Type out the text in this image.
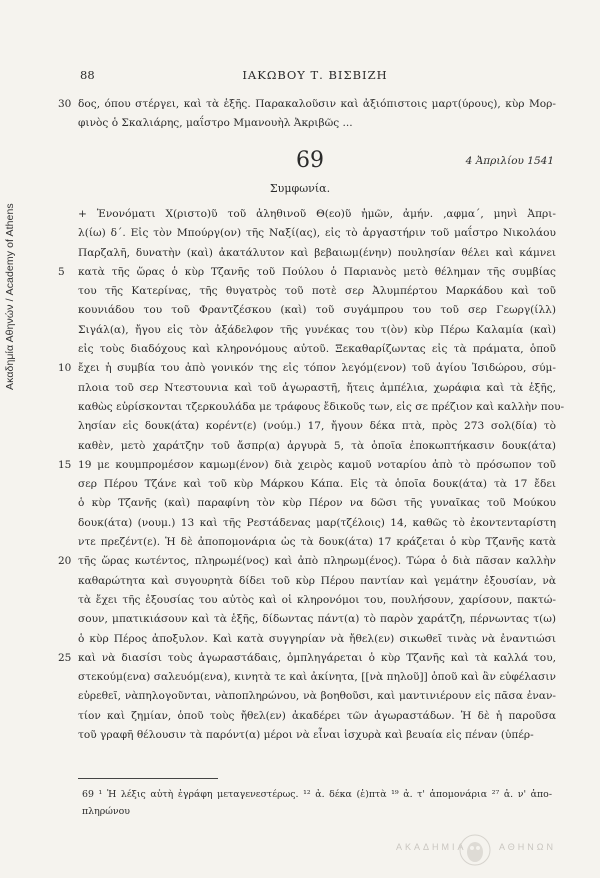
Ακαδημία Αθηνών / Academy of Athens
88	ΙΑΚΩΒΟΥ Τ. ΒΙΣΒΙΖΗ
30 δος, όπου στέργει, καὶ τὰ ἑξῆς. Παρακαλοῦσιν καὶ ἀξιόπιστοις μαρτ(ύρους), κὺρ Μορ-
φινὸς ὁ Σκαλιάρης, μαΐστρο Μμανουὴλ Ἀκριβῶς ...
69	4 Ἀπριλίου 1541
Συμφωνία.
+ Ἐνονόματι Χ(ριστο)ῦ τοῦ ἀληθινοῦ Θ(εο)ῦ ἡμῶν, ἀμήν. ‚αφμα΄, μηνὶ Ἀπρι-
λ(ίω) δ΄. Εἰς τὸν Μπούργ(ον) τῆς Ναξί(ας), εἰς τὸ ἀργαστήριν τοῦ μαΐστρο Νικολάου
Παρζαλῆ, δυνατὴν (καὶ) ἀκατάλυτον καὶ βεβαιωμ(ένην) πουλησίαν θέλει καὶ κάμνει
5 κατὰ τῆς ὥρας ὁ κὺρ Τζανῆς τοῦ Πούλου ὁ Παριανὸς μετὸ θέλημαν τῆς συμβίας
του τῆς Κατερίνας, τῆς θυγατρὸς τοῦ ποτὲ σερ Ἀλυμπέρτου Μαρκάδου καὶ τοῦ
κουνιάδου του τοῦ Φραντζέσκου (καὶ) τοῦ συγάμπρου του τοῦ σερ Γεωργ(ίλλ)
Σιγάλ(α), ἤγου εἰς τὸν ἀξάδελφον τῆς γυνέκας του τ(ὸν) κὺρ Πέρω Καλαμία (καὶ)
εἰς τοὺς διαδόχους καὶ κληρονόμους αὐτοῦ. Ξεκαθαρίζωντας εἰς τὰ πράματα, ὁποῦ
10 ἔχει ἡ συμβία του ἀπὸ γονικόν της εἰς τόπον λεγόμ(ενον) τοῦ ἁγίου Ἰσιδώρου, σύμ-
πλοια τοῦ σερ Ντεστουνια καὶ τοῦ ἀγωραστῆ, ἤτεις ἀμπέλια, χωράφια καὶ τὰ ἑξῆς,
καθὼς εὑρίσκονται τζερκουλάδα με τράφους ἔδικοῦς των, εἰς σε πρέζιον καὶ καλλὴν που-
λησίαν εἰς δουκ(άτα) κορέντ(ε) (νούμ.) 17, ἤγουν δέκα πτὰ, πρὸς 273 σολ(δία) τὸ
καθὲν, μετὸ χαράτζην τοῦ ἄσπρ(α) ἀργυρὰ 5, τὰ ὁποῖα ἐποκωπτήκασιν δουκ(άτα)
15 19 με κουμπρομέσον καμωμ(ένον) διὰ χειρὸς καμοῦ νοταρίου ἀπὸ τὸ πρόσωπον τοῦ
σερ Πέρου Τζάνε καὶ τοῦ κὺρ Μάρκου Κάπα. Εἰς τὰ ὁποῖα δουκ(άτα) τὰ 17 ἔδει
ὁ κὺρ Τζανῆς (καὶ) παραφίνη τὸν κὺρ Πέρον να δῶσι τῆς γυναῖκας τοῦ Μούκου
δουκ(άτα) (νουμ.) 13 καὶ τῆς Ρεστάδενας μαρ(τζέλοις) 14, καθῶς τὸ ἐκοντενταρίστη
ντε πρεζέντ(ε). Ἡ δὲ ἀποπομονάρια ὡς τὰ δουκ(άτα) 17 κράζεται ὁ κὺρ Τζανῆς κατὰ
20 τῆς ὥρας κωτέντος, πληρωμέ(νος) καὶ ἀπὸ πληρωμ(ένος). Τώρα ὁ διὰ πᾶσαν καλλὴν
καθαρώτητα καὶ συγουρητὰ δίδει τοῦ κὺρ Πέρου παντίαν καὶ γεμάτην ἐξουσίαν, νὰ
τὰ ἔχει τῆς ἐξουσίας του αὐτὸς καὶ οἱ κληρονόμοι του, πουλήσουν, χαρίσουν, πακτώ-
σουν, μπατικιάσουν καὶ τὰ ἑξῆς, δίδωντας πάντ(α) τὸ παρὸν χαράτζη, πέρνωντας τ(ω)
ὁ κὺρ Πέρος ἀποξυλον. Καὶ κατὰ συγγηρίαν νὰ ἤθελ(εν) σικωθεῖ τινὰς νὰ ἐναντιώσι
25 καὶ νὰ διασίσι τοὺς ἀγωραστάδαις, ὁμπληγάρεται ὁ κὺρ Τζανῆς καὶ τὰ καλλά του,
στεκούμ(ενα) σαλευόμ(ενα), κινητὰ τε καὶ ἀκίνητα, [[νὰ πηλοῦ]] ὁποῦ καὶ ἂν εὑφέλασιν
εὑρεθεῖ, νὰπηλογοῦνται, νὰποπληρώνου, νὰ βοηθοῦσι, καὶ μαντινιέρουν εἰς πᾶσα ἐναν-
τίον καὶ ζημίαν, ὁποῦ τοὺς ἤθελ(εν) ἀκαδέρει τῶν ἀγωραστάδων. Ἡ δὲ ἡ παροῦσα
τοῦ γραφῆ θέλουσιν τὰ παρόντ(α) μέροι νὰ εἶναι ἰσχυρὰ καὶ βευαία εἰς πέναν (ὑπέρ-
69 ¹ Ἡ λέξις αὐτὴ ἐγράφη μεταγενεστέρως. ¹² ἀ. δέκα (ἑ)πτὰ ¹⁹ ἀ. τ' ἀπομονάρια ²⁷ ἀ. ν' ἀπο-
πληρώνου
ΑΚΑΔΗΜΙΑ	ΑΘΗΝΩΝ
